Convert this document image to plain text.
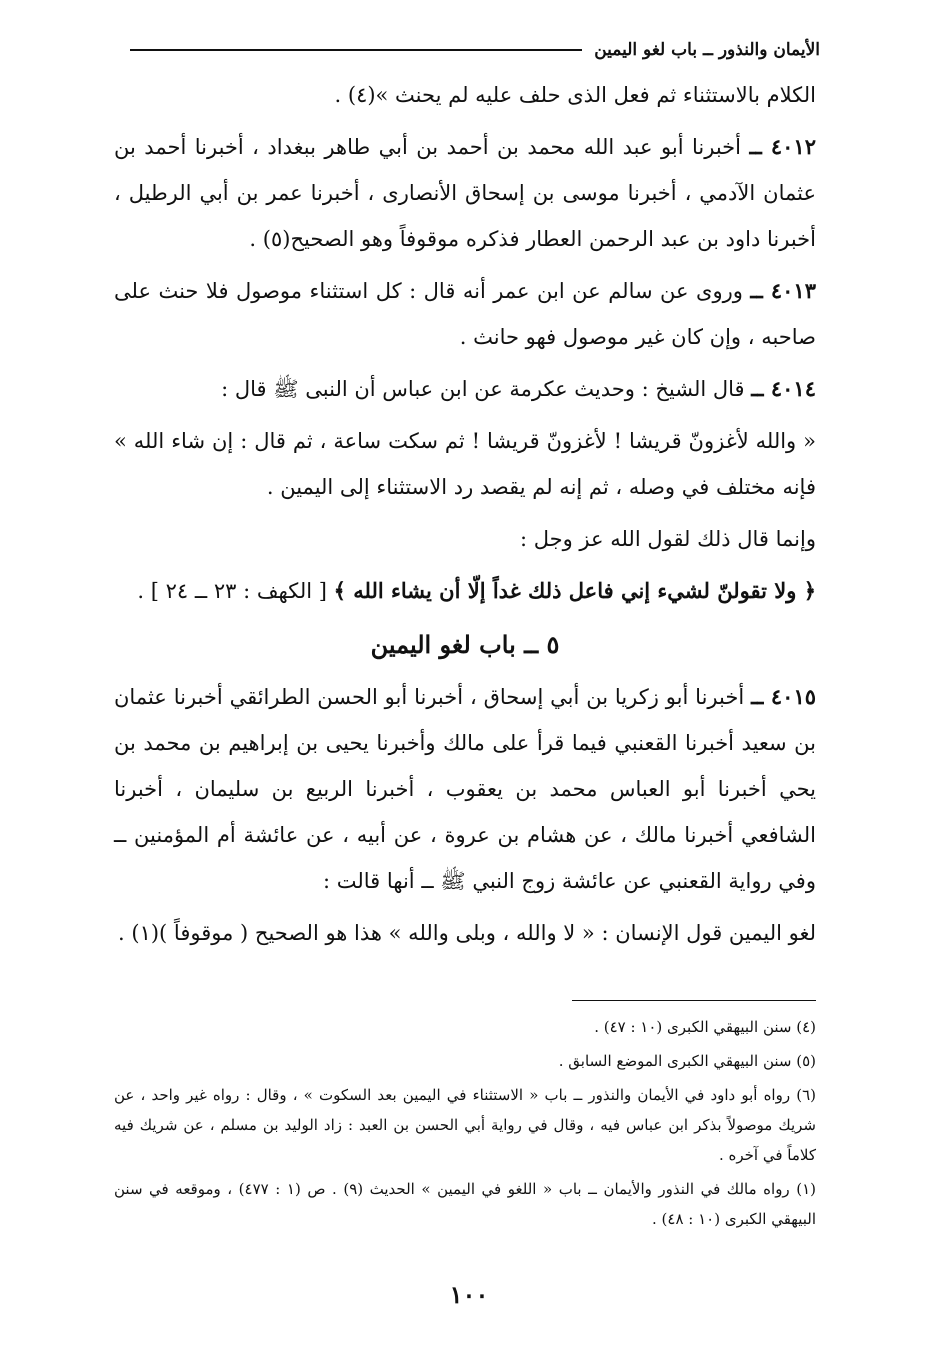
الأيمان والنذور ــ باب لغو اليمين

الكلام بالاستثناء ثم فعل الذى حلف عليه لم يحنث »(٤) .

٤٠١٢ ــ أخبرنا أبو عبد الله محمد بن أحمد بن أبي طاهر ببغداد ، أخبرنا أحمد بن عثمان الآدمي ، أخبرنا موسى بن إسحاق الأنصارى ، أخبرنا عمر بن أبي الرطيل ، أخبرنا داود بن عبد الرحمن العطار فذكره موقوفاً وهو الصحيح(٥) .

٤٠١٣ ــ وروى عن سالم عن ابن عمر أنه قال : كل استثناء موصول فلا حنث على صاحبه ، وإن كان غير موصول فهو حانث .

٤٠١٤ ــ قال الشيخ : وحديث عكرمة عن ابن عباس أن النبى ﷺ قال :

« والله لأغزونّ قريشا ! لأغزونّ قريشا ! ثم سكت ساعة ، ثم قال : إن شاء الله » فإنه مختلف في وصله ، ثم إنه لم يقصد رد الاستثناء إلى اليمين .

وإنما قال ذلك لقول الله عز وجل :

﴿ ولا تقولنّ لشيء إني فاعل ذلك غداً إلّا أن يشاء الله ﴾ [ الكهف : ٢٣ ــ ٢٤ ] .

٥ ــ باب لغو اليمين

٤٠١٥ ــ أخبرنا أبو زكريا بن أبي إسحاق ، أخبرنا أبو الحسن الطرائقي أخبرنا عثمان بن سعيد أخبرنا القعنبي فيما قرأ على مالك وأخبرنا يحيى بن إبراهيم بن محمد بن يحي أخبرنا أبو العباس محمد بن يعقوب ، أخبرنا الربيع بن سليمان ، أخبرنا الشافعي أخبرنا مالك ، عن هشام بن عروة ، عن أبيه ، عن عائشة أم المؤمنين ــ وفي رواية القعنبي عن عائشة زوج النبي ﷺ ــ أنها قالت :

لغو اليمين قول الإنسان : « لا والله ، وبلى والله » هذا هو الصحيح ( موقوفاً )(١) .

(٤) سنن البيهقي الكبرى (١٠ : ٤٧) .

(٥) سنن البيهقي الكبرى الموضع السابق .

(٦) رواه أبو داود في الأيمان والنذور ــ باب « الاستثناء في اليمين بعد السكوت » ، وقال : رواه غير واحد ، عن شريك موصولاً بذكر ابن عباس فيه ، وقال في رواية أبي الحسن بن العبد : زاد الوليد بن مسلم ، عن شريك فيه كلاماً في آخره .

(١) رواه مالك في النذور والأيمان ــ باب « اللغو في اليمين » الحديث (٩) . ص (١ : ٤٧٧) ، وموقعه في سنن البيهقي الكبرى (١٠ : ٤٨) .

١٠٠
